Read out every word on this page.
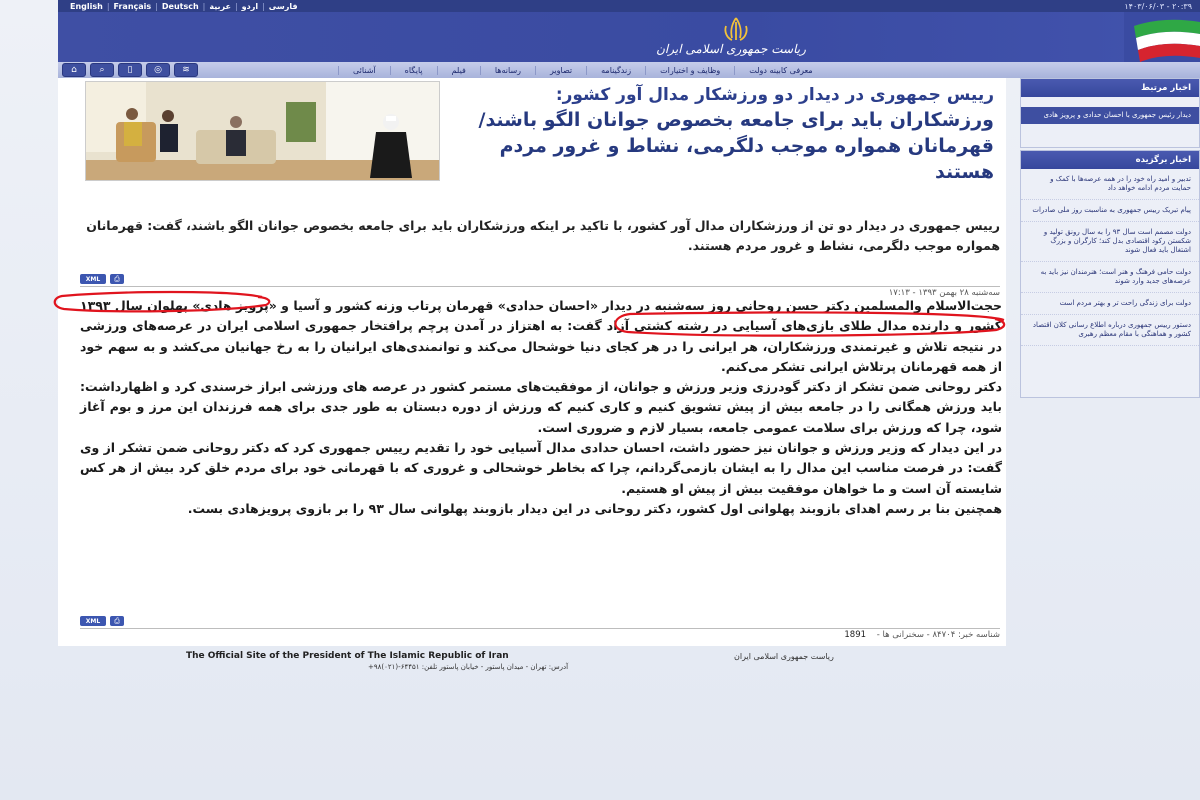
English | Français | Deutsch | عربية | اردو | فارسی	۱۴۰۳/۰۶/۰۳ - ۲۰:۳۹
ریاست جمهوری اسلامی ایران
⌂	⌕	▯	◎	≋	آشنائی	پایگاه	فیلم	رسانه‌ها	تصاویر	زندگینامه	وظایف و اختیارات	معرفی کابینه دولت
رییس جمهوری در دیدار دو ورزشکار مدال آور کشور:
ورزشکاران باید برای جامعه بخصوص جوانان الگو باشند/ قهرمانان همواره موجب دلگرمی، نشاط و غرور مردم هستند
رییس جمهوری در دیدار دو تن از ورزشکاران مدال آور کشور، با تاکید بر اینکه ورزشکاران باید برای جامعه بخصوص جوانان الگو باشند، گفت: قهرمانان همواره موجب دلگرمی، نشاط و غرور مردم هستند.
XML	⎙
سه‌شنبه ۲۸ بهمن ۱۳۹۳ - ۱۷:۱۳

حجت‌الاسلام والمسلمین دکتر حسن روحانی روز سه‌شنبه در دیدار «احسان حدادی» قهرمان پرتاب وزنه کشور و آسیا و «پرویز هادی» پهلوان سال ۱۳۹۳ کشور و دارنده مدال طلای بازی‌های آسیایی در رشته کشتی آزاد گفت: به اهتزاز در آمدن پرچم پرافتخار جمهوری اسلامی ایران در عرصه‌های ورزشی در نتیجه تلاش و غیرتمندی ورزشکاران، هر ایرانی را در هر کجای دنیا خوشحال می‌کند و توانمندی‌های ایرانیان را به رخ جهانیان می‌کشد و به سهم خود از همه قهرمانان پرتلاش ایرانی تشکر می‌کنم.

دکتر روحانی ضمن تشکر از دکتر گودرزی وزیر ورزش و جوانان، از موفقیت‌های مستمر کشور در عرصه های ورزشی ابراز خرسندی کرد و اظهارداشت: باید ورزش همگانی را در جامعه بیش از پیش تشویق کنیم و کاری کنیم که ورزش از دوره دبستان به طور جدی برای همه فرزندان این مرز و بوم آغاز شود، چرا که ورزش برای سلامت عمومی جامعه، بسیار لازم و ضروری است.

در این دیدار که وزیر ورزش و جوانان نیز حضور داشت، احسان حدادی مدال آسیایی خود را تقدیم رییس جمهوری کرد که دکتر روحانی ضمن تشکر از وی گفت: در فرصت مناسب این مدال را به ایشان بازمی‌گردانم، چرا که بخاطر خوشحالی و غروری که با قهرمانی خود برای مردم خلق کرد بیش از هر کس شایسته آن است و ما خواهان موفقیت بیش از پیش او هستیم.

همچنین بنا بر رسم اهدای بازوبند پهلوانی اول کشور، دکتر روحانی در این دیدار بازوبند پهلوانی سال ۹۳ را بر بازوی پرویزهادی بست.

XML	⎙
شناسه خبر: ۸۴۷۰۴ - سخنرانی ها - 1891
اخبار مرتبط
دیدار رئیس جمهوری با احسان حدادی و پرویز هادی
اخبار برگزیده
تدبیر و امید راه خود را در همه عرصه‌ها با کمک و حمایت مردم ادامه خواهد داد
پیام تبریک رییس جمهوری به مناسبت روز ملی صادرات
دولت مصمم است سال ۹۳ را به سال رونق تولید و شکستن رکود اقتصادی بدل کند؛ کارگران و بزرگ اشتغال باید فعال شوند
دولت حامی فرهنگ و هنر است؛ هنرمندان نیز باید به عرصه‌های جدید وارد شوند
دولت برای زندگی راحت تر و بهتر مردم است
دستور رییس جمهوری درباره اطلاع رسانی کلان اقتصاد کشور و هماهنگی با مقام معظم رهبری
The Official Site of the President of The Islamic Republic of Iran	ریاست جمهوری اسلامی ایران
آدرس: تهران - میدان پاستور - خیابان پاستور تلفن: ۶۴۴۵۱-(۰۲۱)۹۸+
